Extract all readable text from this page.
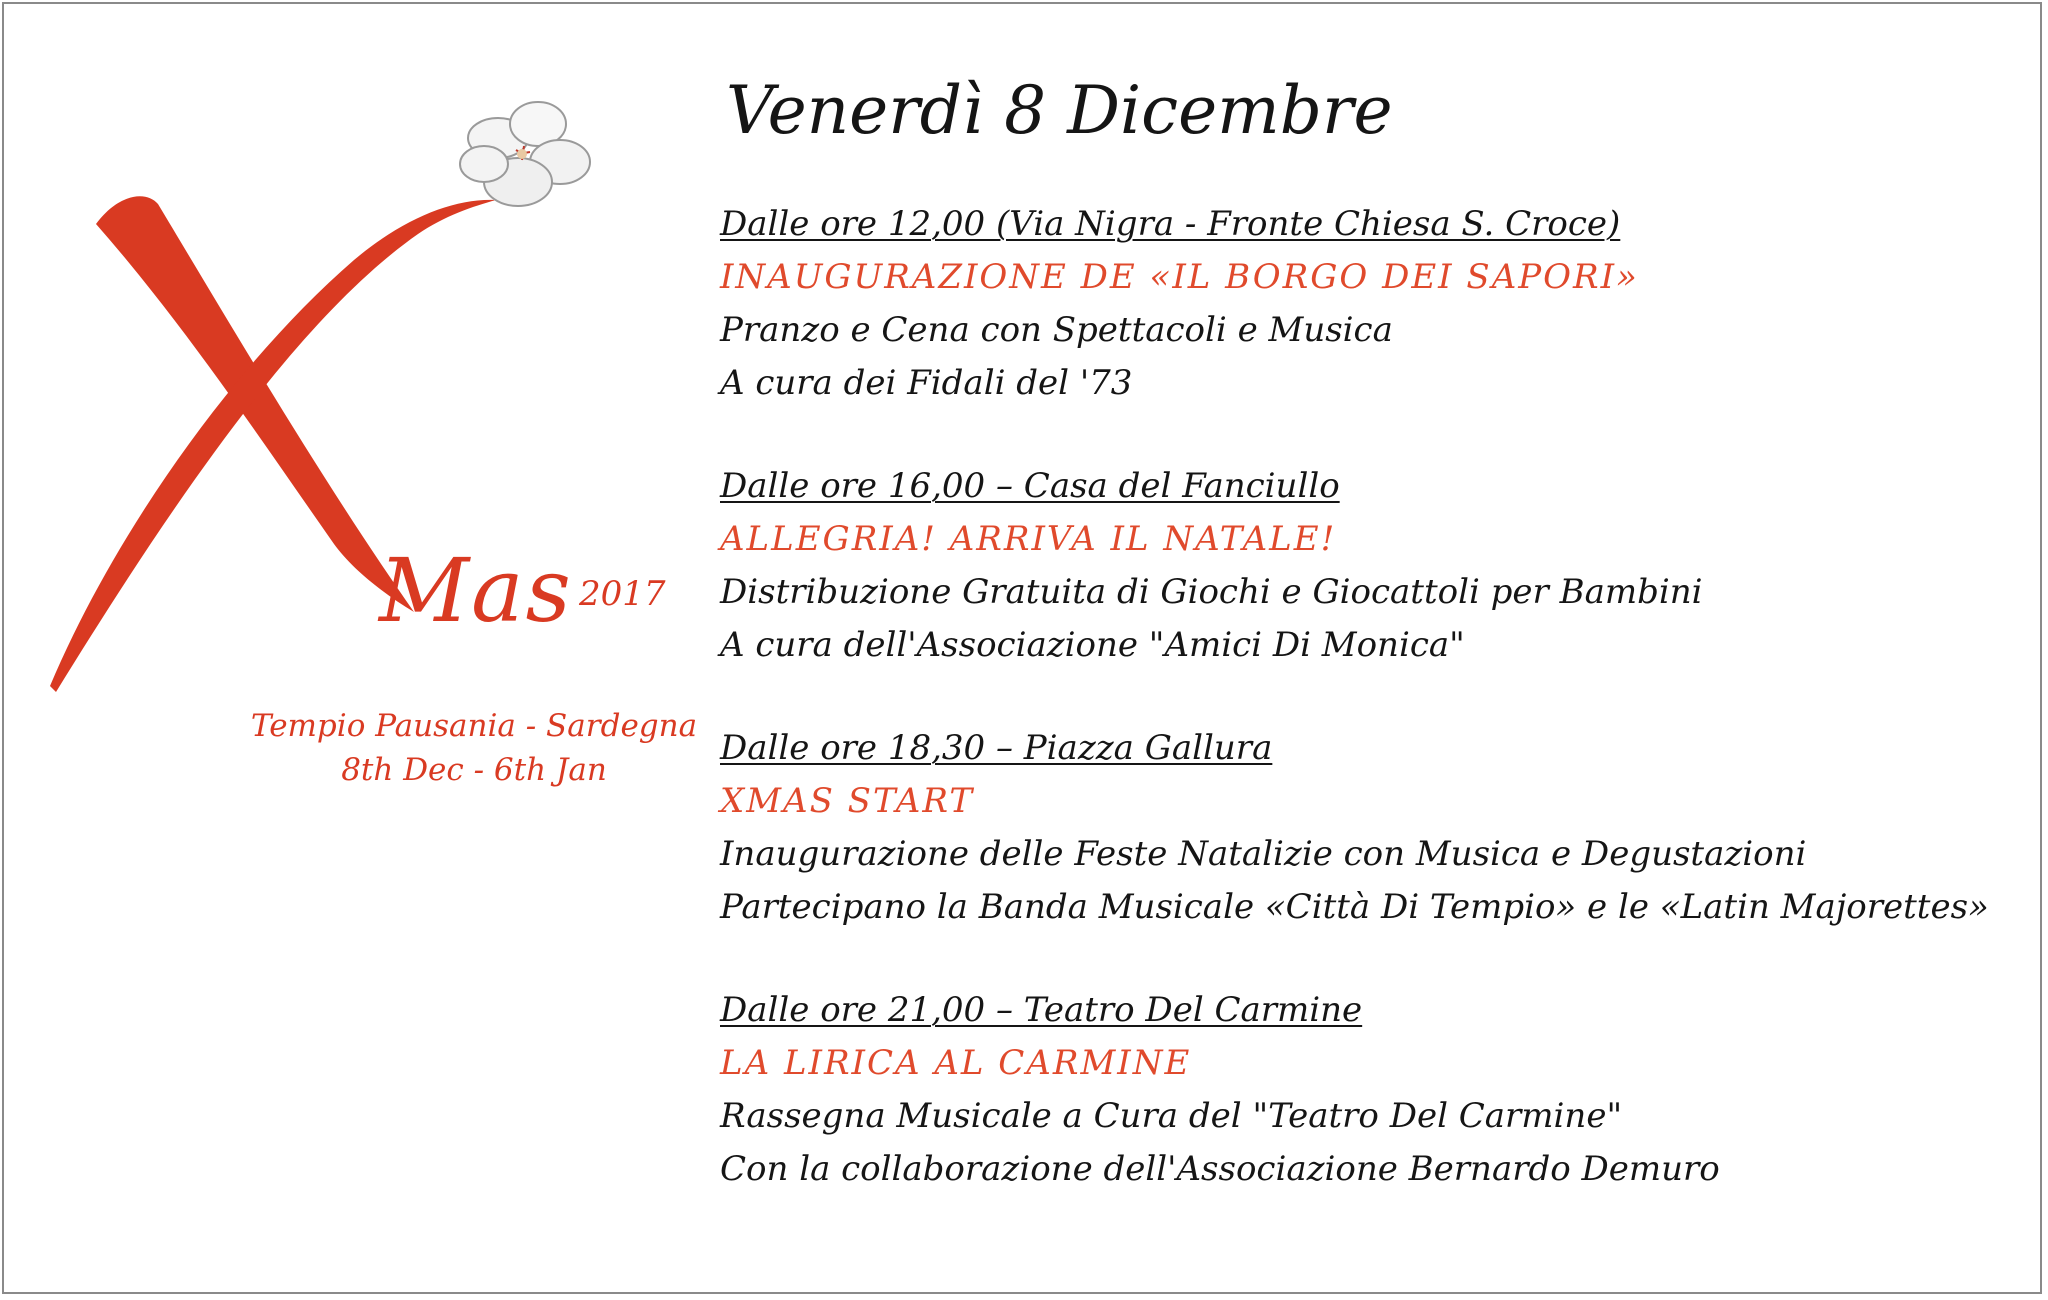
Mas 2017
Tempio Pausania - Sardegna
8th Dec - 6th Jan
Venerdì 8 Dicembre
Dalle ore 12,00 (Via Nigra - Fronte Chiesa S. Croce)
INAUGURAZIONE DE «IL BORGO DEI SAPORI»
Pranzo e Cena con Spettacoli e Musica
A cura dei Fidali del '73
Dalle ore 16,00 – Casa del Fanciullo
ALLEGRIA! ARRIVA IL NATALE!
Distribuzione Gratuita di Giochi e Giocattoli per Bambini
A cura dell'Associazione "Amici Di Monica"
Dalle ore 18,30 – Piazza Gallura
XMAS START
Inaugurazione delle Feste Natalizie con Musica e Degustazioni
Partecipano la Banda Musicale «Città Di Tempio» e le «Latin Majorettes»
Dalle ore 21,00 – Teatro Del Carmine
LA LIRICA AL CARMINE
Rassegna Musicale a Cura del "Teatro Del Carmine"
Con la collaborazione dell'Associazione Bernardo Demuro
